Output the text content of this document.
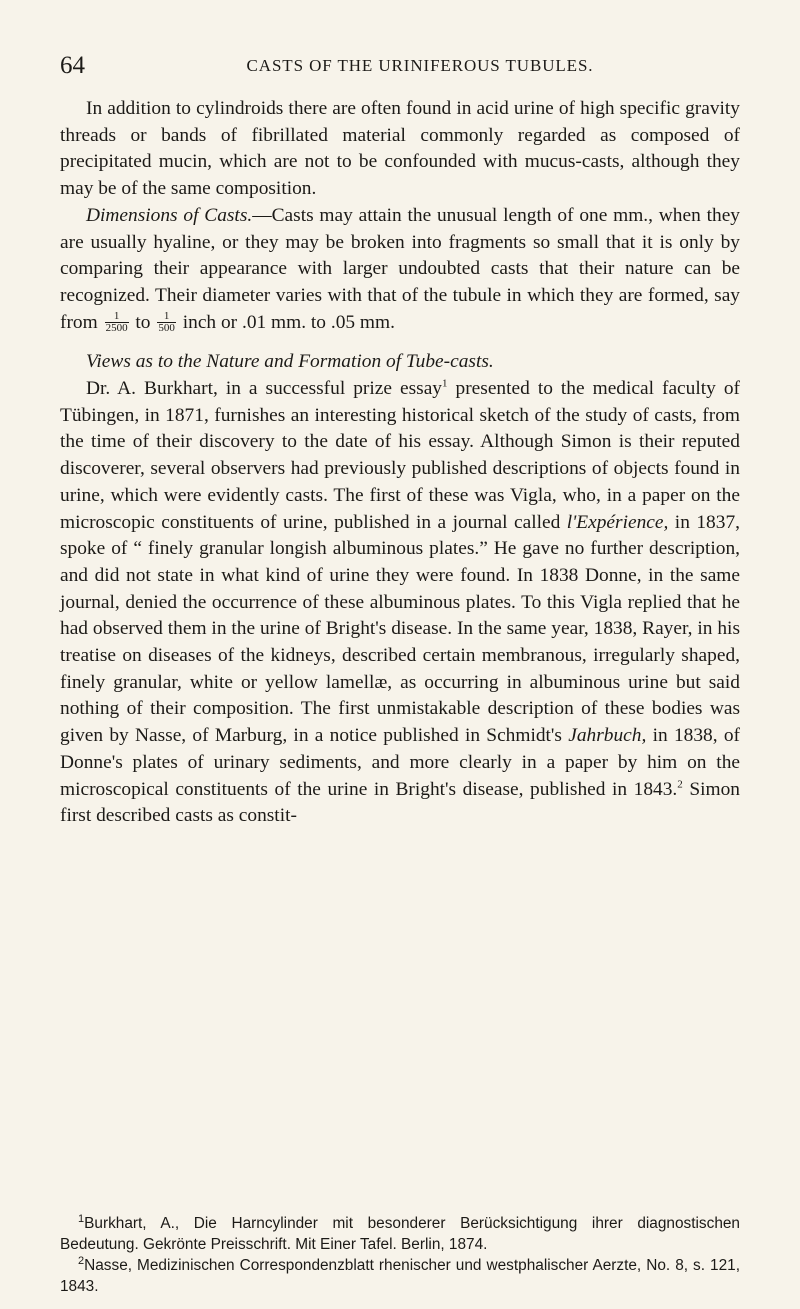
64	CASTS OF THE URINIFEROUS TUBULES.

In addition to cylindroids there are often found in acid urine of high specific gravity threads or bands of fibrillated material commonly regarded as composed of precipitated mucin, which are not to be confounded with mucus-casts, although they may be of the same composition.

Dimensions of Casts.—Casts may attain the unusual length of one mm., when they are usually hyaline, or they may be broken into fragments so small that it is only by comparing their appearance with larger undoubted casts that their nature can be recognized. Their diameter varies with that of the tubule in which they are formed, say from $\frac{1}{2500}$ to $\frac{1}{500}$ inch or .01 mm. to .05 mm.

Views as to the Nature and Formation of Tube-casts.

Dr. A. Burkhart, in a successful prize essay$^1$ presented to the medical faculty of Tübingen, in 1871, furnishes an interesting historical sketch of the study of casts, from the time of their discovery to the date of his essay. Although Simon is their reputed discoverer, several observers had previously published descriptions of objects found in urine, which were evidently casts. The first of these was Vigla, who, in a paper on the microscopic constituents of urine, published in a journal called l'Expérience, in 1837, spoke of “ finely granular longish albuminous plates.” He gave no further description, and did not state in what kind of urine they were found. In 1838 Donne, in the same journal, denied the occurrence of these albuminous plates. To this Vigla replied that he had observed them in the urine of Bright's disease. In the same year, 1838, Rayer, in his treatise on diseases of the kidneys, described certain membranous, irregularly shaped, finely granular, white or yellow lamellæ, as occurring in albuminous urine but said nothing of their composition. The first unmistakable description of these bodies was given by Nasse, of Marburg, in a notice published in Schmidt's Jahrbuch, in 1838, of Donne's plates of urinary sediments, and more clearly in a paper by him on the microscopical constituents of the urine in Bright's disease, published in 1843.$^2$ Simon first described casts as constit-

$^1$Burkhart, A., Die Harncylinder mit besonderer Berücksichtigung ihrer diagnostischen Bedeutung. Gekrönte Preisschrift. Mit Einer Tafel. Berlin, 1874.

$^2$Nasse, Medizinischen Correspondenzblatt rhenischer und westphalischer Aerzte, No. 8, s. 121, 1843.
